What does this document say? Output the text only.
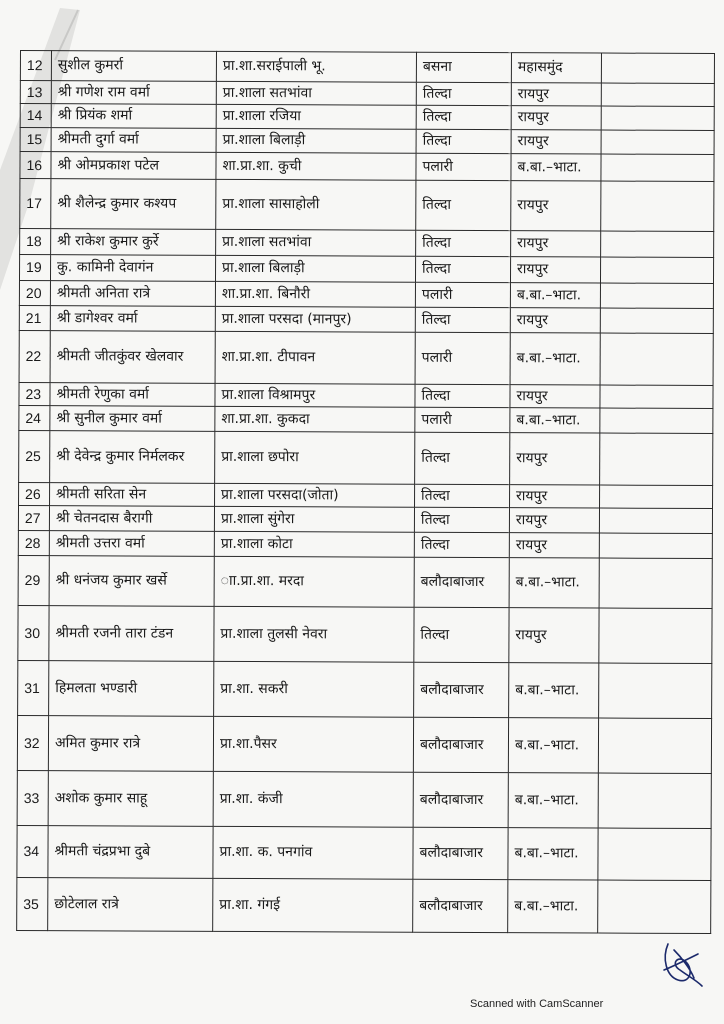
12	सुशील कुमर्रा	प्रा.शा.सराईपाली भू.	बसना	महासमुंद	
13	श्री गणेश राम वर्मा	प्रा.शाला सतभांवा	तिल्दा	रायपुर	
14	श्री प्रियंक शर्मा	प्रा.शाला रजिया	तिल्दा	रायपुर	
15	श्रीमती दुर्गा वर्मा	प्रा.शाला बिलाड़ी	तिल्दा	रायपुर	
16	श्री ओमप्रकाश पटेल	शा.प्रा.शा. कुची	पलारी	ब.बा.–भाटा.	
17	श्री शैलेन्द्र कुमार कश्यप	प्रा.शाला सासाहोली	तिल्दा	रायपुर	
18	श्री राकेश कुमार कुर्रे	प्रा.शाला सतभांवा	तिल्दा	रायपुर	
19	कु. कामिनी देवागंन	प्रा.शाला बिलाड़ी	तिल्दा	रायपुर	
20	श्रीमती अनिता रात्रे	शा.प्रा.शा. बिनौरी	पलारी	ब.बा.–भाटा.	
21	श्री डागेश्वर वर्मा	प्रा.शाला परसदा (मानपुर)	तिल्दा	रायपुर	
22	श्रीमती जीतकुंवर खेलवार	शा.प्रा.शा. टीपावन	पलारी	ब.बा.–भाटा.	
23	श्रीमती रेणुका वर्मा	प्रा.शाला विश्रामपुर	तिल्दा	रायपुर	
24	श्री सुनील कुमार वर्मा	शा.प्रा.शा. कुकदा	पलारी	ब.बा.–भाटा.	
25	श्री देवेन्द्र कुमार निर्मलकर	प्रा.शाला छपोरा	तिल्दा	रायपुर	
26	श्रीमती सरिता सेन	प्रा.शाला परसदा(जोता)	तिल्दा	रायपुर	
27	श्री चेतनदास बैरागी	प्रा.शाला सुंगेरा	तिल्दा	रायपुर	
28	श्रीमती उत्तरा वर्मा	प्रा.शाला कोटा	तिल्दा	रायपुर	
29	श्री धनंजय कुमार खर्से	ाा.प्रा.शा. मरदा	बलौदाबाजार	ब.बा.–भाटा.	
30	श्रीमती रजनी तारा टंडन	प्रा.शाला तुलसी नेवरा	तिल्दा	रायपुर	
31	हिमलता भण्डारी	प्रा.शा. सकरी	बलौदाबाजार	ब.बा.–भाटा.	
32	अमित कुमार रात्रे	प्रा.शा.पैसर	बलौदाबाजार	ब.बा.–भाटा.	
33	अशोक कुमार साहू	प्रा.शा. कंजी	बलौदाबाजार	ब.बा.–भाटा.	
34	श्रीमती चंद्रप्रभा दुबे	प्रा.शा. क. पनगांव	बलौदाबाजार	ब.बा.–भाटा.	
35	छोटेलाल रात्रे	प्रा.शा. गंगई	बलौदाबाजार	ब.बा.–भाटा.	
Scanned with CamScanner
